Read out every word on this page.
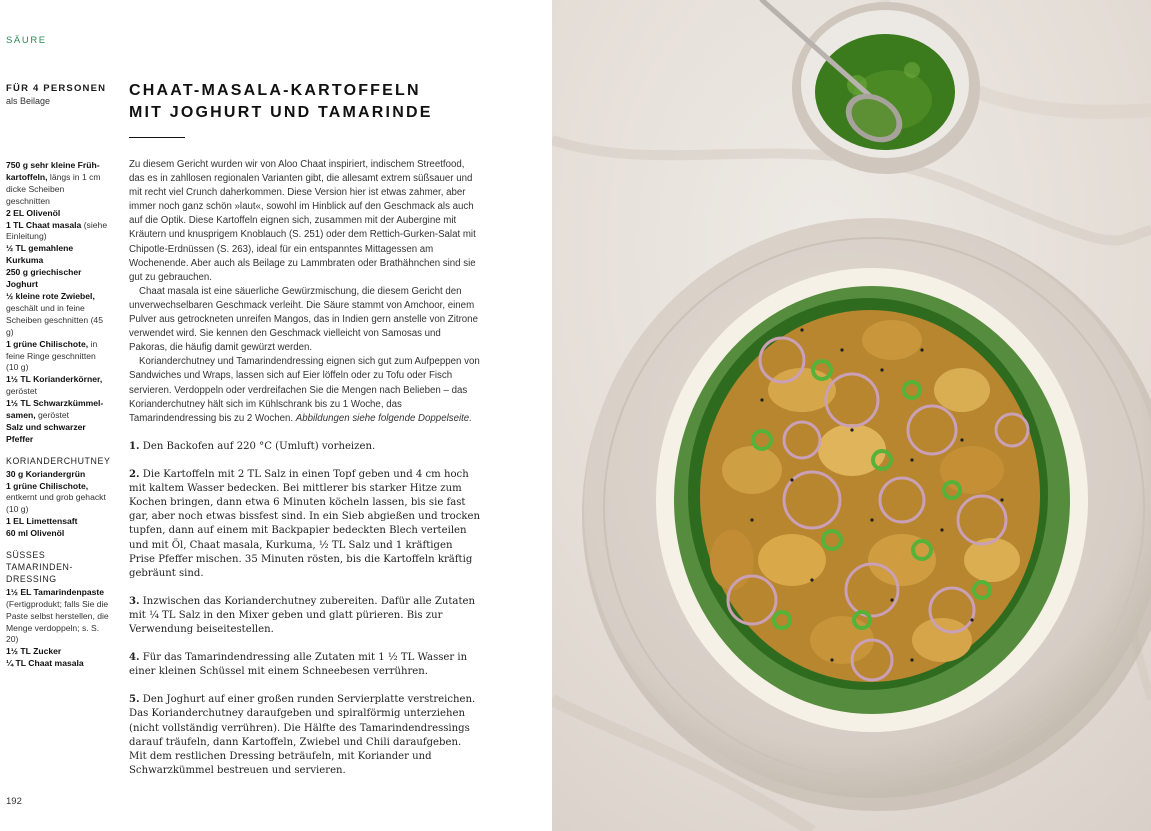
SÄURE
FÜR 4 PERSONEN
als Beilage
CHAAT-MASALA-KARTOFFELN
MIT JOGHURT UND TAMARINDE
750 g sehr kleine Früh-kartoffeln, längs in 1 cm dicke Scheiben geschnitten
2 EL Olivenöl
1 TL Chaat masala (siehe Einleitung)
½ TL gemahlene Kurkuma
250 g griechischer Joghurt
½ kleine rote Zwiebel, geschält und in feine Scheiben geschnitten (45 g)
1 grüne Chilischote, in feine Ringe geschnitten (10 g)
1½ TL Korianderkörner, geröstet
1½ TL Schwarzkümmel-samen, geröstet
Salz und schwarzer Pfeffer
KORIANDERCHUTNEY
30 g Koriandergrün
1 grüne Chilischote, entkernt und grob gehackt (10 g)
1 EL Limettensaft
60 ml Olivenöl
SÜSSES TAMARINDEN-DRESSING
1½ EL Tamarindenpaste (Fertigprodukt; falls Sie die Paste selbst herstellen, die Menge verdoppeln; s. S. 20)
1½ TL Zucker
¼ TL Chaat masala

Zu diesem Gericht wurden wir von Aloo Chaat inspiriert, indischem Streetfood, das es in zahllosen regionalen Varianten gibt, die allesamt extrem süßsauer und mit recht viel Crunch daherkommen. Diese Version hier ist etwas zahmer, aber immer noch ganz schön »laut«, sowohl im Hinblick auf den Geschmack als auch auf die Optik. Diese Kartoffeln eignen sich, zusammen mit der Aubergine mit Kräutern und knusprigem Knoblauch (S. 251) oder dem Rettich-Gurken-Salat mit Chipotle-Erdnüssen (S. 263), ideal für ein entspanntes Mittagessen am Wochenende. Aber auch als Beilage zu Lammbraten oder Brathähnchen sind sie gut zu gebrauchen.

Chaat masala ist eine säuerliche Gewürzmischung, die diesem Gericht den unverwechselbaren Geschmack verleiht. Die Säure stammt von Amchoor, einem Pulver aus getrockneten unreifen Mangos, das in Indien gern anstelle von Zitrone verwendet wird. Sie kennen den Geschmack vielleicht von Samosas und Pakoras, die häufig damit gewürzt werden.

Korianderchutney und Tamarindendressing eignen sich gut zum Aufpeppen von Sandwiches und Wraps, lassen sich auf Eier löffeln oder zu Tofu oder Fisch servieren. Verdoppeln oder verdreifachen Sie die Mengen nach Belieben – das Korianderchutney hält sich im Kühlschrank bis zu 1 Woche, das Tamarindendressing bis zu 2 Wochen. Abbildungen siehe folgende Doppelseite.

1. Den Backofen auf 220 °C (Umluft) vorheizen.

2. Die Kartoffeln mit 2 TL Salz in einen Topf geben und 4 cm hoch mit kaltem Wasser bedecken. Bei mittlerer bis starker Hitze zum Kochen bringen, dann etwa 6 Minuten köcheln lassen, bis sie fast gar, aber noch etwas bissfest sind. In ein Sieb abgießen und trocken tupfen, dann auf einem mit Backpapier bedeckten Blech verteilen und mit Öl, Chaat masala, Kurkuma, ½ TL Salz und 1 kräftigen Prise Pfeffer mischen. 35 Minuten rösten, bis die Kartoffeln kräftig gebräunt sind.

3. Inzwischen das Korianderchutney zubereiten. Dafür alle Zutaten mit ¼ TL Salz in den Mixer geben und glatt pürieren. Bis zur Verwendung beiseitestellen.

4. Für das Tamarindendressing alle Zutaten mit 1 ½ TL Wasser in einer kleinen Schüssel mit einem Schneebesen verrühren.

5. Den Joghurt auf einer großen runden Servierplatte verstreichen. Das Korianderchutney daraufgeben und spiralförmig unterziehen (nicht vollständig verrühren). Die Hälfte des Tamarindendressings darauf träufeln, dann Kartoffeln, Zwiebel und Chili daraufgeben. Mit dem restlichen Dressing beträufeln, mit Koriander und Schwarzkümmel bestreuen und servieren.

192
